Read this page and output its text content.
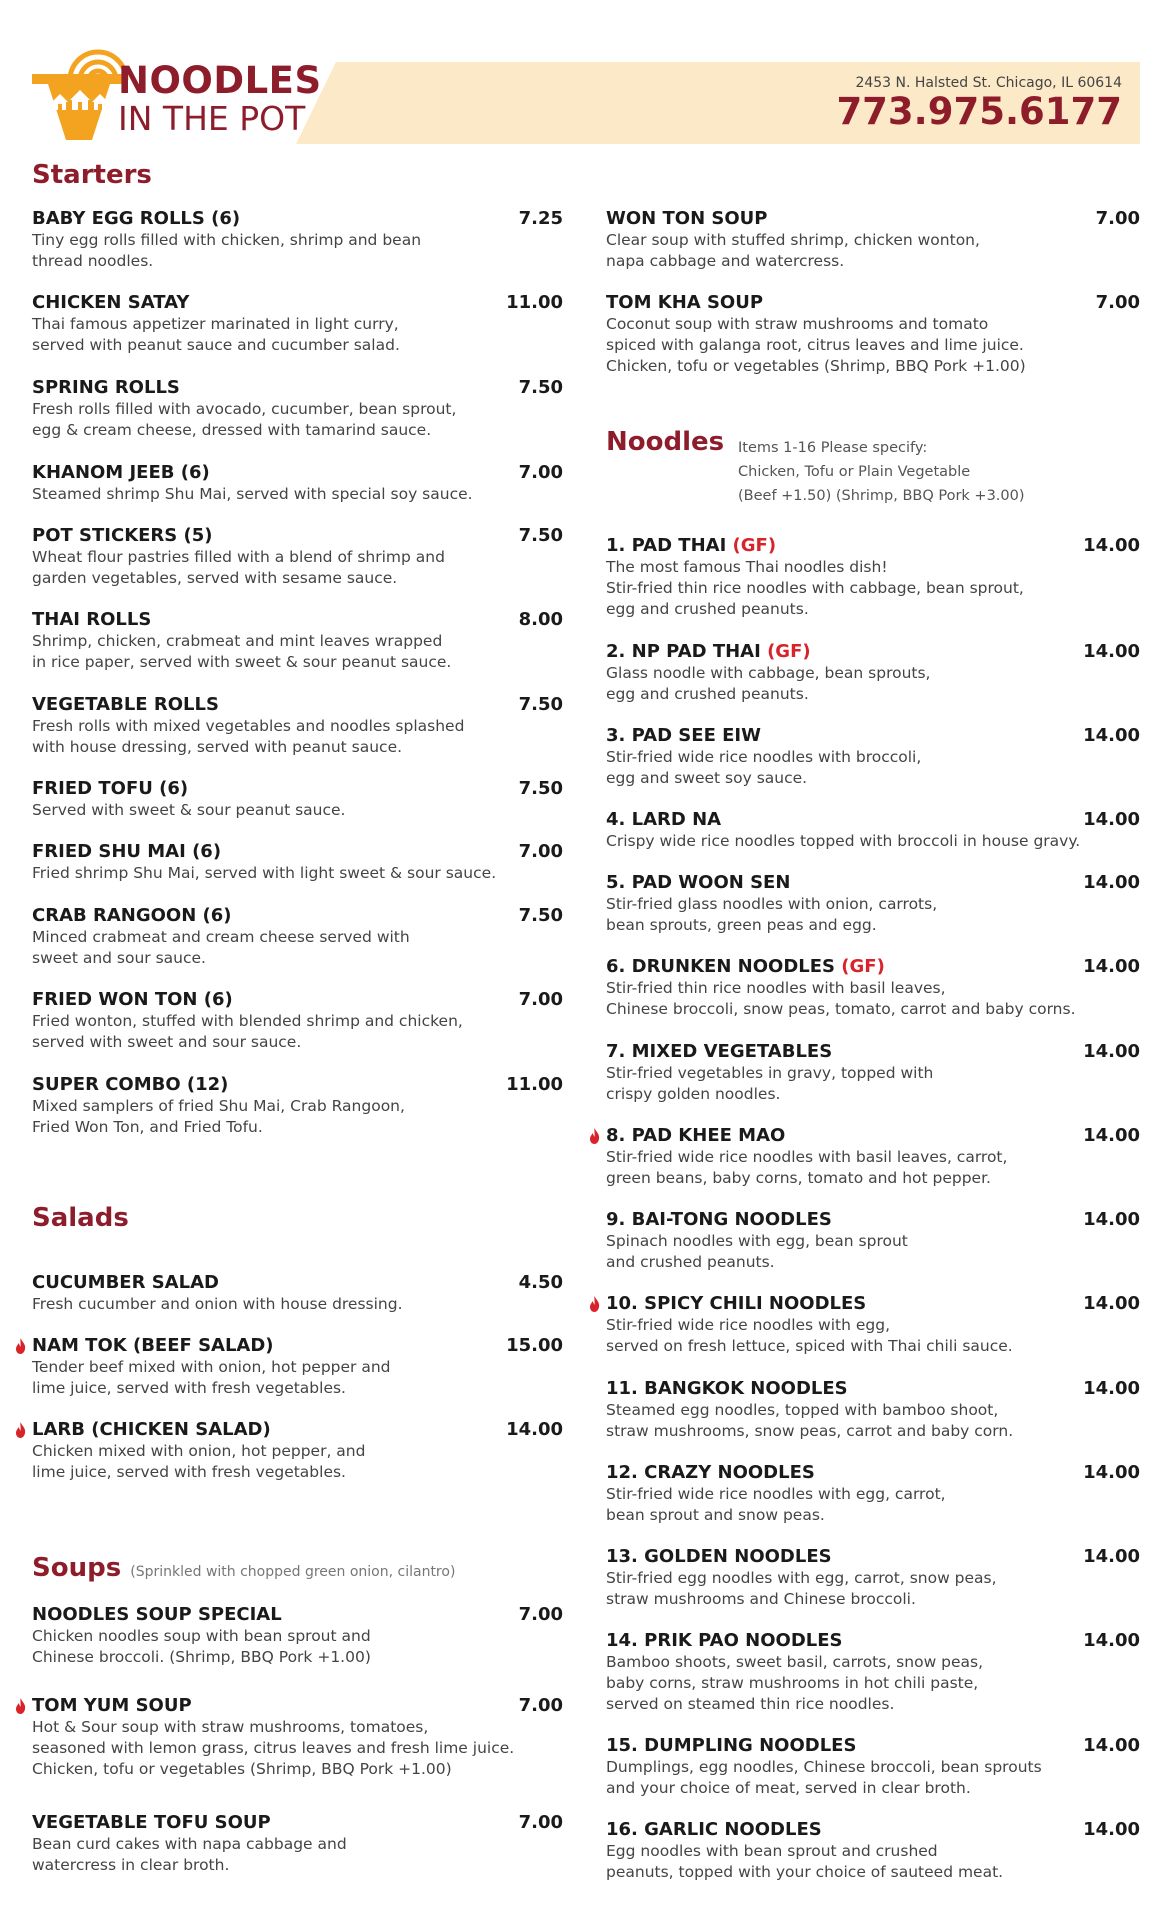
NOODLES
IN THE POT
2453 N. Halsted St. Chicago, IL 60614
773.975.6177
Starters
Salads
Soups (Sprinkled with chopped green onion, cilantro)
Noodles Items 1-16 Please specify:
Chicken, Tofu or Plain Vegetable
(Beef +1.50) (Shrimp, BBQ Pork +3.00)
BABY EGG ROLLS (6)	7.25
Tiny egg rolls filled with chicken, shrimp and bean
thread noodles.
CHICKEN SATAY	11.00
Thai famous appetizer marinated in light curry,
served with peanut sauce and cucumber salad.
SPRING ROLLS	7.50
Fresh rolls filled with avocado, cucumber, bean sprout,
egg & cream cheese, dressed with tamarind sauce.
KHANOM JEEB (6)	7.00
Steamed shrimp Shu Mai, served with special soy sauce.
POT STICKERS (5)	7.50
Wheat flour pastries filled with a blend of shrimp and
garden vegetables, served with sesame sauce.
THAI ROLLS	8.00
Shrimp, chicken, crabmeat and mint leaves wrapped
in rice paper, served with sweet & sour peanut sauce.
VEGETABLE ROLLS	7.50
Fresh rolls with mixed vegetables and noodles splashed
with house dressing, served with peanut sauce.
FRIED TOFU (6)	7.50
Served with sweet & sour peanut sauce.
FRIED SHU MAI (6)	7.00
Fried shrimp Shu Mai, served with light sweet & sour sauce.
CRAB RANGOON (6)	7.50
Minced crabmeat and cream cheese served with
sweet and sour sauce.
FRIED WON TON (6)	7.00
Fried wonton, stuffed with blended shrimp and chicken,
served with sweet and sour sauce.
SUPER COMBO (12)	11.00
Mixed samplers of fried Shu Mai, Crab Rangoon,
Fried Won Ton, and Fried Tofu.
CUCUMBER SALAD	4.50
Fresh cucumber and onion with house dressing.
NAM TOK (BEEF SALAD)	15.00
Tender beef mixed with onion, hot pepper and
lime juice, served with fresh vegetables.
LARB (CHICKEN SALAD)	14.00
Chicken mixed with onion, hot pepper, and
lime juice, served with fresh vegetables.
NOODLES SOUP SPECIAL	7.00
Chicken noodles soup with bean sprout and
Chinese broccoli. (Shrimp, BBQ Pork +1.00)
TOM YUM SOUP	7.00
Hot & Sour soup with straw mushrooms, tomatoes,
seasoned with lemon grass, citrus leaves and fresh lime juice.
Chicken, tofu or vegetables (Shrimp, BBQ Pork +1.00)
VEGETABLE TOFU SOUP	7.00
Bean curd cakes with napa cabbage and
watercress in clear broth.
WON TON SOUP	7.00
Clear soup with stuffed shrimp, chicken wonton,
napa cabbage and watercress.
TOM KHA SOUP	7.00
Coconut soup with straw mushrooms and tomato
spiced with galanga root, citrus leaves and lime juice.
Chicken, tofu or vegetables (Shrimp, BBQ Pork +1.00)
1. PAD THAI (GF)	14.00
The most famous Thai noodles dish!
Stir-fried thin rice noodles with cabbage, bean sprout,
egg and crushed peanuts.
2. NP PAD THAI (GF)	14.00
Glass noodle with cabbage, bean sprouts,
egg and crushed peanuts.
3. PAD SEE EIW	14.00
Stir-fried wide rice noodles with broccoli,
egg and sweet soy sauce.
4. LARD NA	14.00
Crispy wide rice noodles topped with broccoli in house gravy.
5. PAD WOON SEN	14.00
Stir-fried glass noodles with onion, carrots,
bean sprouts, green peas and egg.
6. DRUNKEN NOODLES (GF)	14.00
Stir-fried thin rice noodles with basil leaves,
Chinese broccoli, snow peas, tomato, carrot and baby corns.
7. MIXED VEGETABLES	14.00
Stir-fried vegetables in gravy, topped with
crispy golden noodles.
8. PAD KHEE MAO	14.00
Stir-fried wide rice noodles with basil leaves, carrot,
green beans, baby corns, tomato and hot pepper.
9. BAI-TONG NOODLES	14.00
Spinach noodles with egg, bean sprout
and crushed peanuts.
10. SPICY CHILI NOODLES	14.00
Stir-fried wide rice noodles with egg,
served on fresh lettuce, spiced with Thai chili sauce.
11. BANGKOK NOODLES	14.00
Steamed egg noodles, topped with bamboo shoot,
straw mushrooms, snow peas, carrot and baby corn.
12. CRAZY NOODLES	14.00
Stir-fried wide rice noodles with egg, carrot,
bean sprout and snow peas.
13. GOLDEN NOODLES	14.00
Stir-fried egg noodles with egg, carrot, snow peas,
straw mushrooms and Chinese broccoli.
14. PRIK PAO NOODLES	14.00
Bamboo shoots, sweet basil, carrots, snow peas,
baby corns, straw mushrooms in hot chili paste,
served on steamed thin rice noodles.
15. DUMPLING NOODLES	14.00
Dumplings, egg noodles, Chinese broccoli, bean sprouts
and your choice of meat, served in clear broth.
16. GARLIC NOODLES	14.00
Egg noodles with bean sprout and crushed
peanuts, topped with your choice of sauteed meat.
